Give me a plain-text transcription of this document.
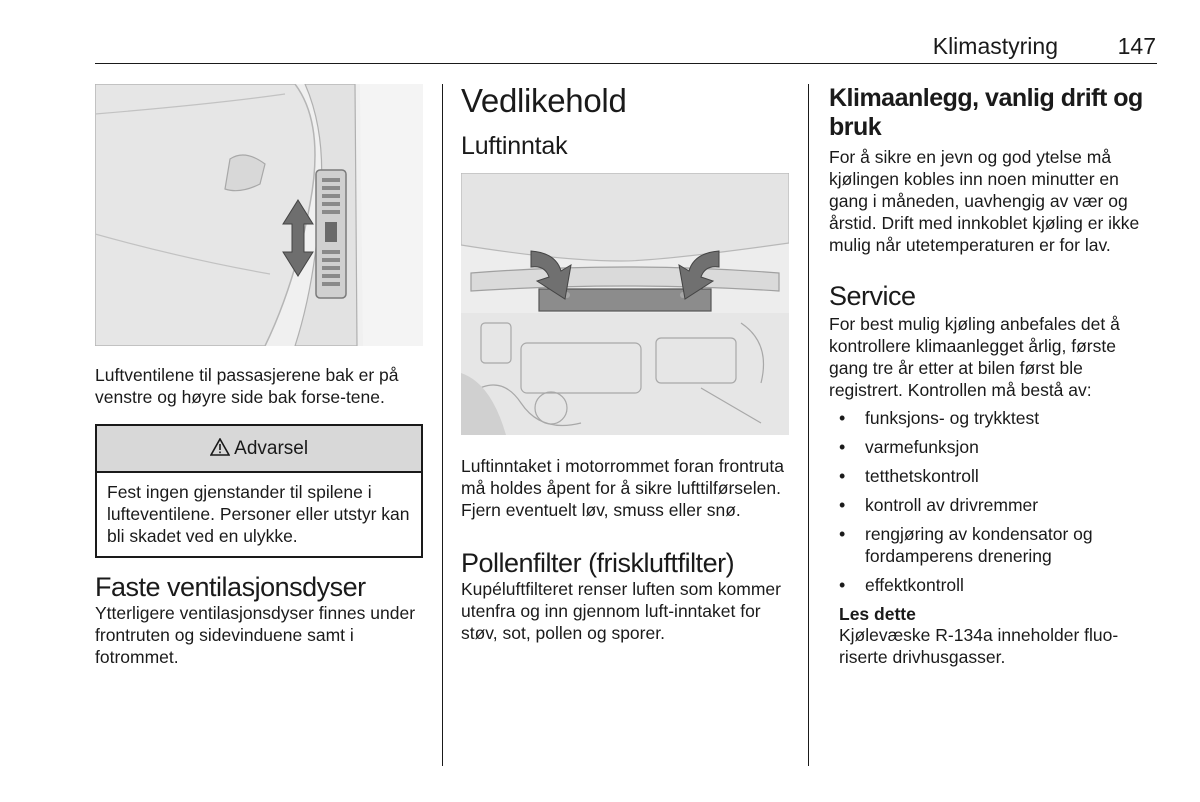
Klimastyring	147

Luftventilene til passasjerene bak er på venstre og høyre side bak forse-tene.

Advarsel
Fest ingen gjenstander til spilene i lufteventilene. Personer eller utstyr kan bli skadet ved en ulykke.
Faste ventilasjonsdyser

Ytterligere ventilasjonsdyser finnes under frontruten og sidevinduene samt i fotrommet.

Vedlikehold
Luftinntak

Luftinntaket i motorrommet foran frontruta må holdes åpent for å sikre lufttilførselen. Fjern eventuelt løv, smuss eller snø.

Pollenfilter (friskluftfilter)

Kupéluftfilteret renser luften som kommer utenfra og inn gjennom luft-inntaket for støv, sot, pollen og sporer.

Klimaanlegg, vanlig drift og bruk

For å sikre en jevn og god ytelse må kjølingen kobles inn noen minutter en gang i måneden, uavhengig av vær og årstid. Drift med innkoblet kjøling er ikke mulig når utetemperaturen er for lav.

Service

For best mulig kjøling anbefales det å kontrollere klimaanlegget årlig, første gang tre år etter at bilen først ble registrert. Kontrollen må bestå av:

• funksjons- og trykktest
• varmefunksjon
• tetthetskontroll
• kontroll av drivremmer
• rengjøring av kondensator og fordamperens drenering
• effektkontroll
Les dette
Kjølevæske R-134a inneholder fluo-riserte drivhusgasser.
